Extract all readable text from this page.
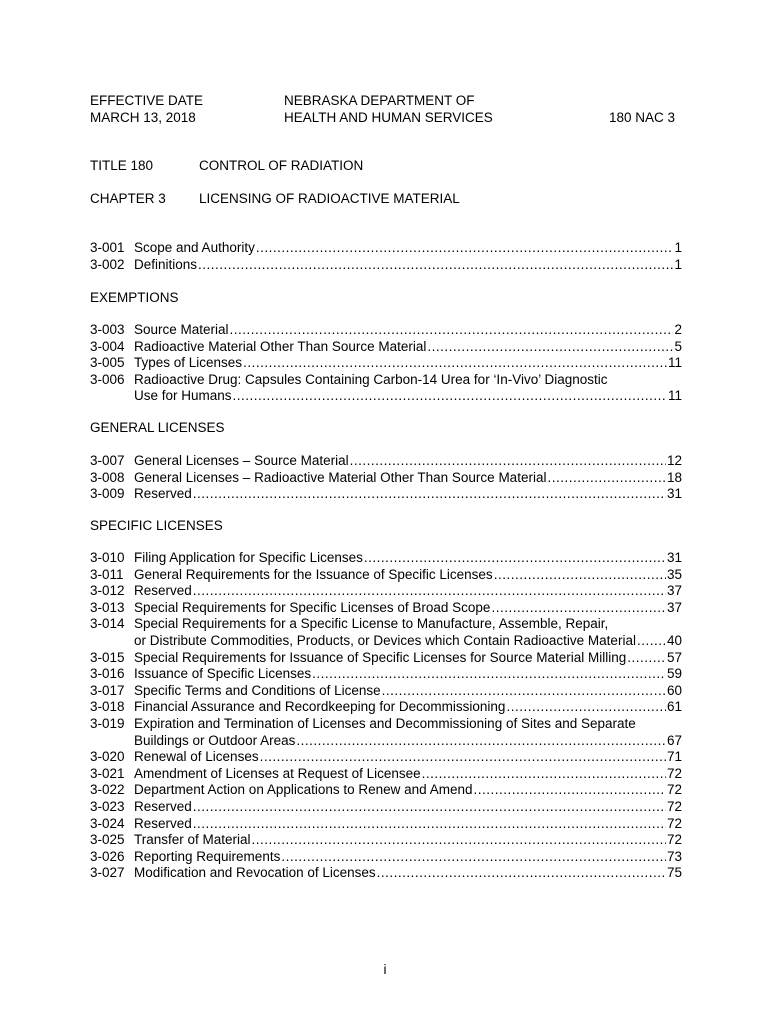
EFFECTIVE DATE
MARCH 13, 2018
NEBRASKA DEPARTMENT OF
HEALTH AND HUMAN SERVICES	180 NAC 3
TITLE 180	CONTROL OF RADIATION
CHAPTER 3 LICENSING OF RADIOACTIVE MATERIAL
3-001 Scope and Authority .....	1
3-002 Definitions .....	1
EXEMPTIONS
3-003 Source Material .....	2
3-004 Radioactive Material Other Than Source Material .....	5
3-005 Types of Licenses .....	11
3-006 Radioactive Drug: Capsules Containing Carbon-14 Urea for ‘In-Vivo’ Diagnostic
Use for Humans .....	11
GENERAL LICENSES
3-007 General Licenses – Source Material .....	12
3-008 General Licenses – Radioactive Material Other Than Source Material .....	18
3-009 Reserved .....	31
SPECIFIC LICENSES
3-010 Filing Application for Specific Licenses .....	31
3-011 General Requirements for the Issuance of Specific Licenses .....	35
3-012 Reserved .....	37
3-013 Special Requirements for Specific Licenses of Broad Scope .....	37
3-014 Special Requirements for a Specific License to Manufacture, Assemble, Repair,
or Distribute Commodities, Products, or Devices which Contain Radioactive Material ..... 40
3-015 Special Requirements for Issuance of Specific Licenses for Source Material Milling .....	57
3-016 Issuance of Specific Licenses .....	59
3-017 Specific Terms and Conditions of License .....	60
3-018 Financial Assurance and Recordkeeping for Decommissioning .....	61
3-019 Expiration and Termination of Licenses and Decommissioning of Sites and Separate
Buildings or Outdoor Areas .....	67
3-020 Renewal of Licenses .....	71
3-021 Amendment of Licenses at Request of Licensee .....	72
3-022 Department Action on Applications to Renew and Amend .....	72
3-023 Reserved .....	72
3-024 Reserved .....	72
3-025 Transfer of Material .....	72
3-026 Reporting Requirements .....	73
3-027 Modification and Revocation of Licenses .....	75
i
